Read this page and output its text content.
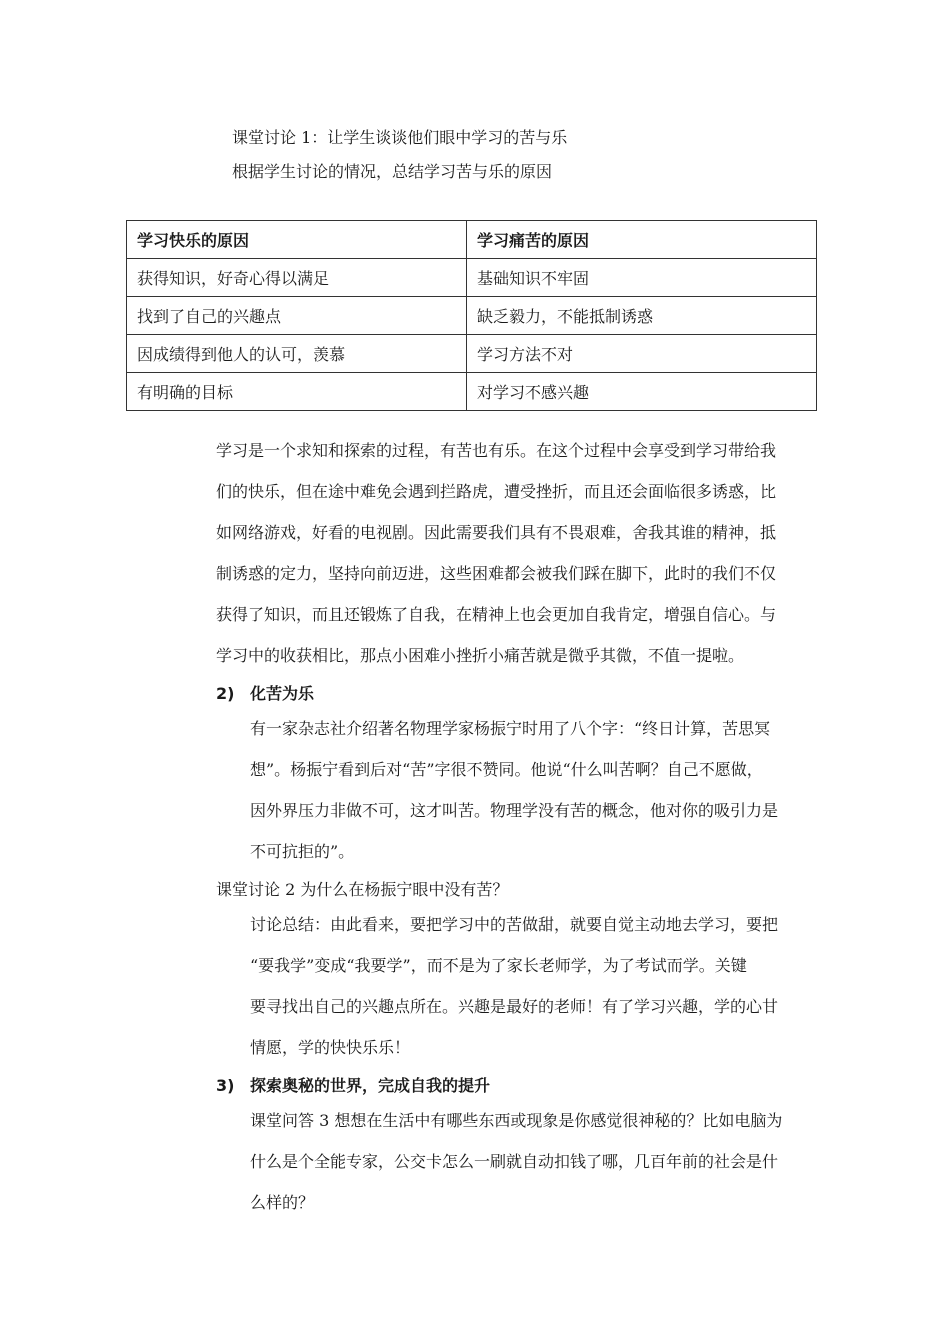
课堂讨论 1：让学生谈谈他们眼中学习的苦与乐
根据学生讨论的情况，总结学习苦与乐的原因
学习快乐的原因	学习痛苦的原因
获得知识，好奇心得以满足	基础知识不牢固
找到了自己的兴趣点	缺乏毅力，不能抵制诱惑
因成绩得到他人的认可，羡慕	学习方法不对
有明确的目标	对学习不感兴趣
学习是一个求知和探索的过程，有苦也有乐。在这个过程中会享受到学习带给我
们的快乐，但在途中难免会遇到拦路虎，遭受挫折，而且还会面临很多诱惑，比
如网络游戏，好看的电视剧。因此需要我们具有不畏艰难，舍我其谁的精神，抵
制诱惑的定力，坚持向前迈进，这些困难都会被我们踩在脚下，此时的我们不仅
获得了知识，而且还锻炼了自我，在精神上也会更加自我肯定，增强自信心。与
学习中的收获相比，那点小困难小挫折小痛苦就是微乎其微，不值一提啦。
2) 化苦为乐
有一家杂志社介绍著名物理学家杨振宁时用了八个字：“终日计算，苦思冥
想”。杨振宁看到后对“苦”字很不赞同。他说“什么叫苦啊？自己不愿做，
因外界压力非做不可，这才叫苦。物理学没有苦的概念，他对你的吸引力是
不可抗拒的”。
课堂讨论 2 为什么在杨振宁眼中没有苦？
讨论总结：由此看来，要把学习中的苦做甜，就要自觉主动地去学习，要把
“要我学”变成“我要学”，而不是为了家长老师学，为了考试而学。关键
要寻找出自己的兴趣点所在。兴趣是最好的老师！有了学习兴趣，学的心甘
情愿，学的快快乐乐！
3) 探索奥秘的世界，完成自我的提升
课堂问答 3 想想在生活中有哪些东西或现象是你感觉很神秘的？比如电脑为
什么是个全能专家，公交卡怎么一刷就自动扣钱了哪，几百年前的社会是什
么样的？
